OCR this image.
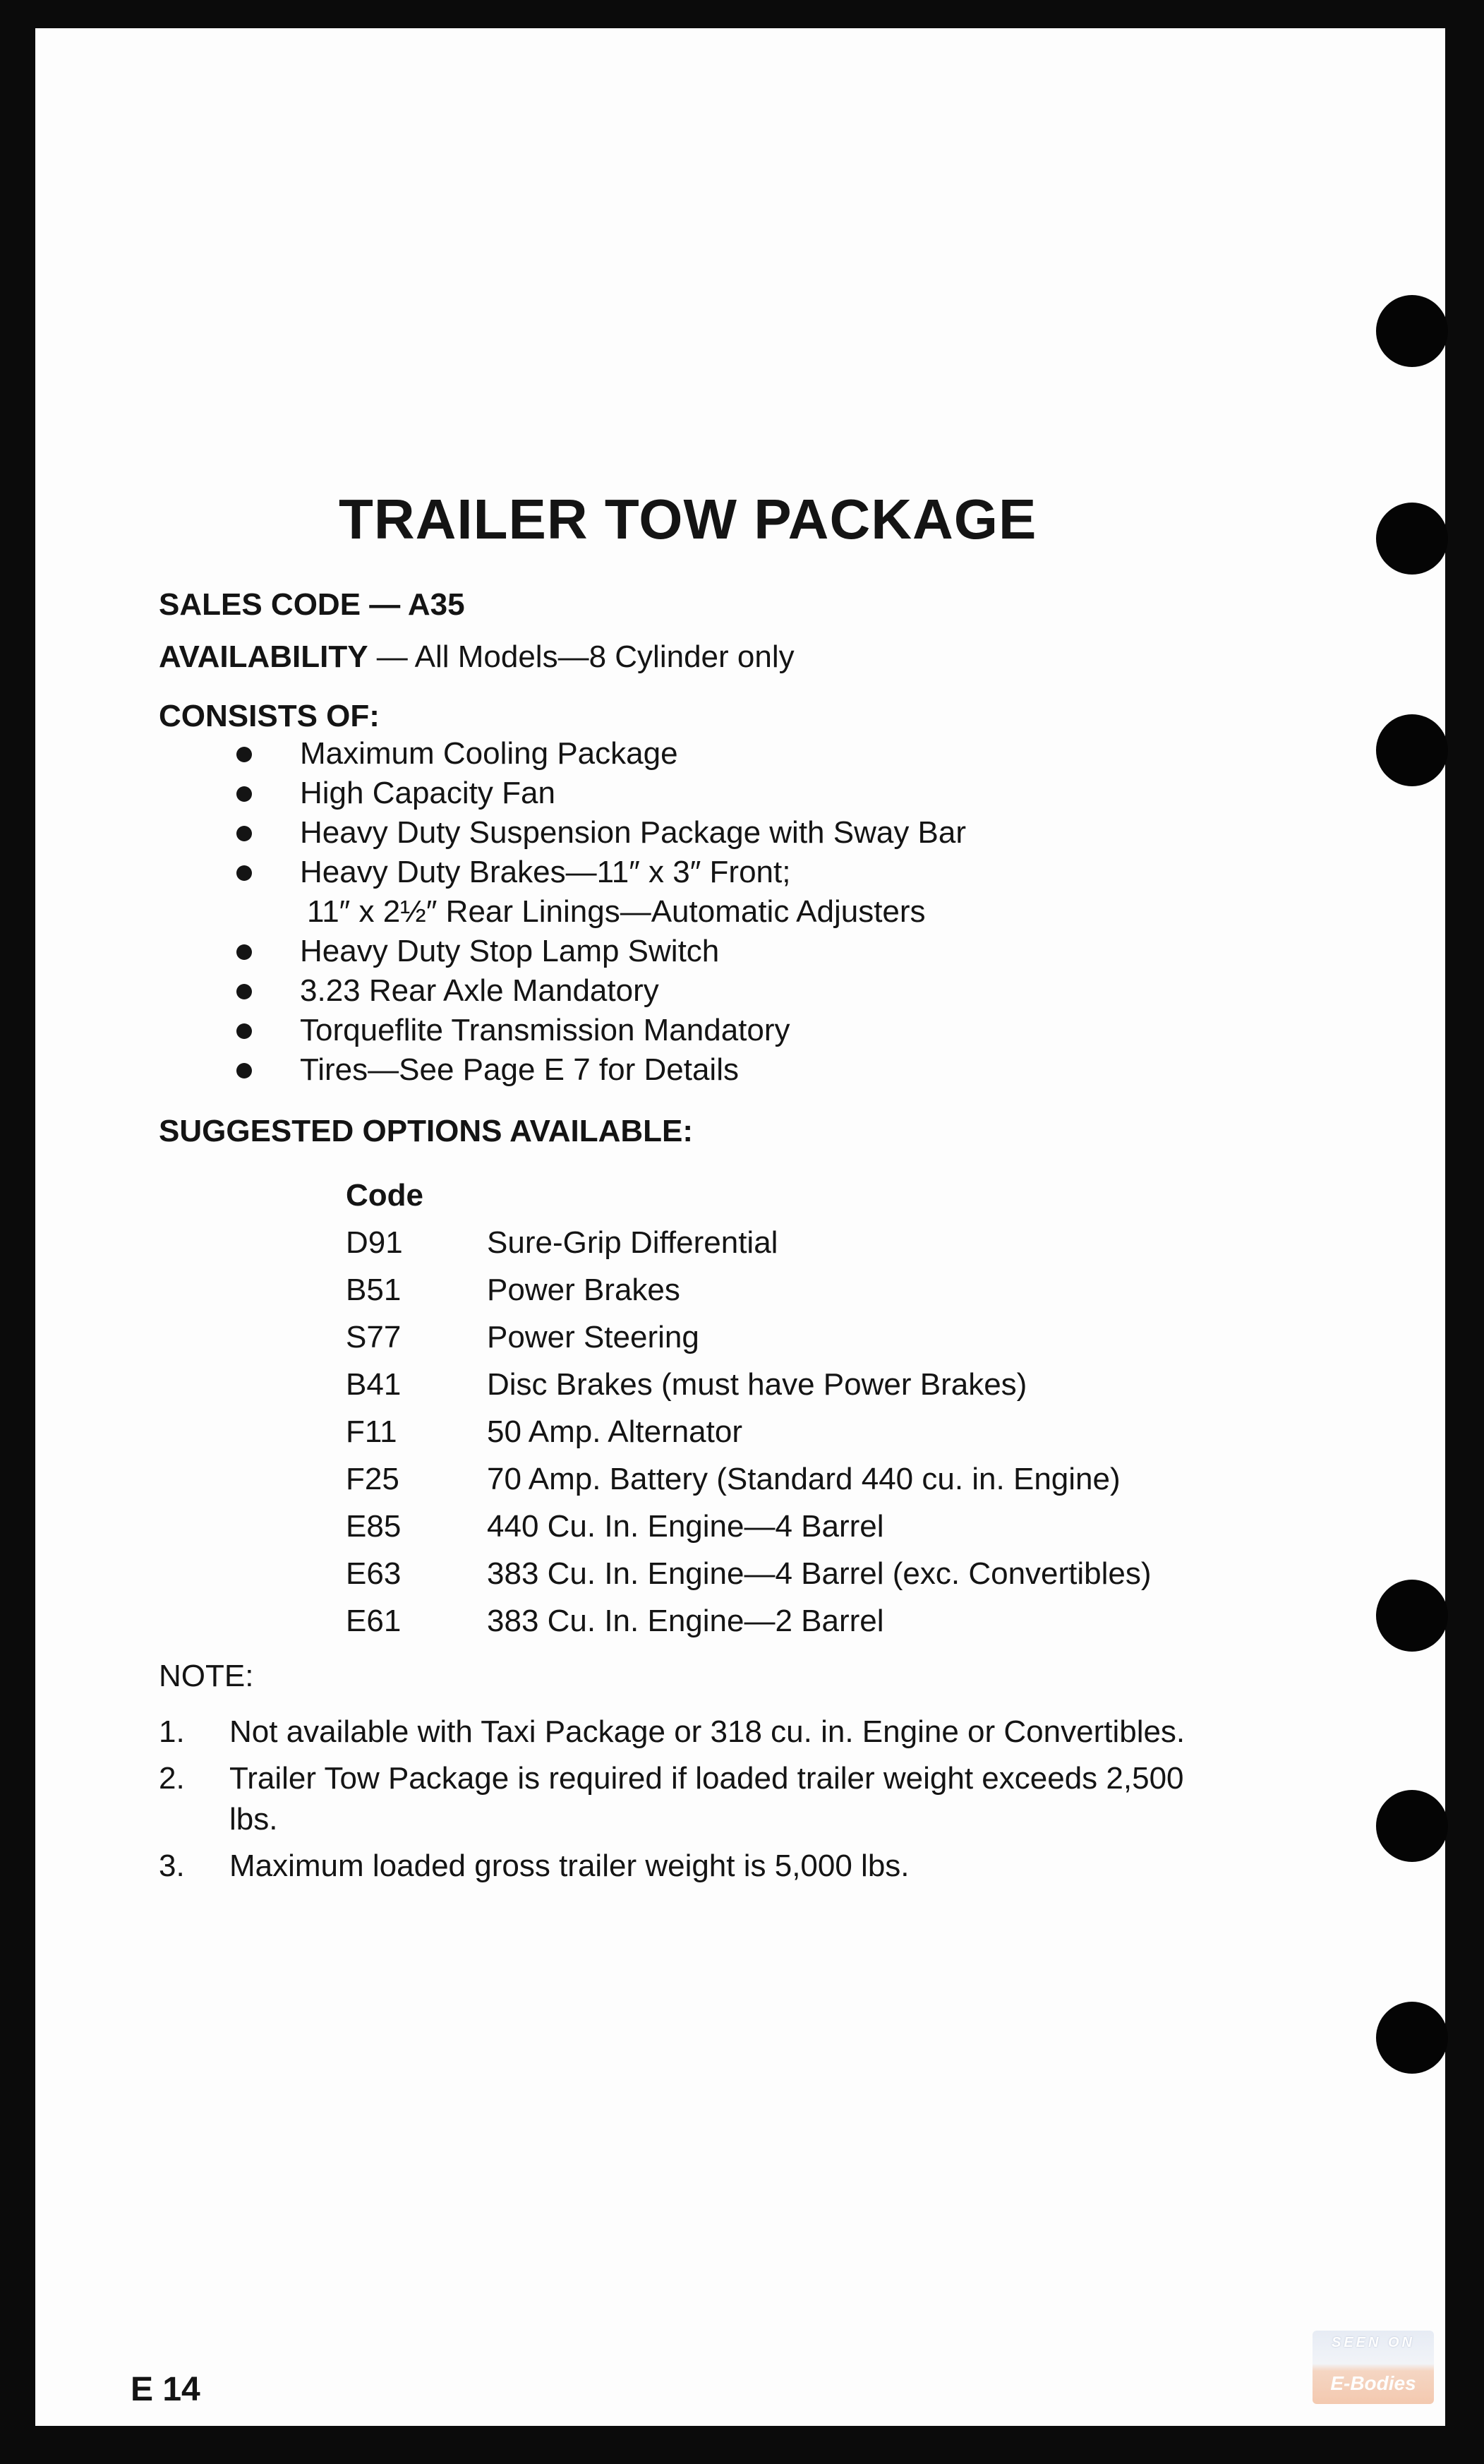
TRAILER TOW PACKAGE

SALES CODE — A35

AVAILABILITY — All Models—8 Cylinder only

CONSISTS OF:

Maximum Cooling Package
High Capacity Fan
Heavy Duty Suspension Package with Sway Bar
Heavy Duty Brakes—11″ x 3″ Front;
11″ x 2½″ Rear Linings—Automatic Adjusters
Heavy Duty Stop Lamp Switch
3.23 Rear Axle Mandatory
Torqueflite Transmission Mandatory
Tires—See Page E 7 for Details

SUGGESTED OPTIONS AVAILABLE:

Code	
D91	Sure-Grip Differential
B51	Power Brakes
S77	Power Steering
B41	Disc Brakes (must have Power Brakes)
F11	50 Amp. Alternator
F25	70 Amp. Battery (Standard 440 cu. in. Engine)
E85	440 Cu. In. Engine—4 Barrel
E63	383 Cu. In. Engine—4 Barrel (exc. Convertibles)
E61	383 Cu. In. Engine—2 Barrel

NOTE:

1.	Not available with Taxi Package or 318 cu. in. Engine or Convertibles.
2.	Trailer Tow Package is required if loaded trailer weight exceeds 2,500 lbs.
3.	Maximum loaded gross trailer weight is 5,000 lbs.
E 14
SEEN ON
E-Bodies
